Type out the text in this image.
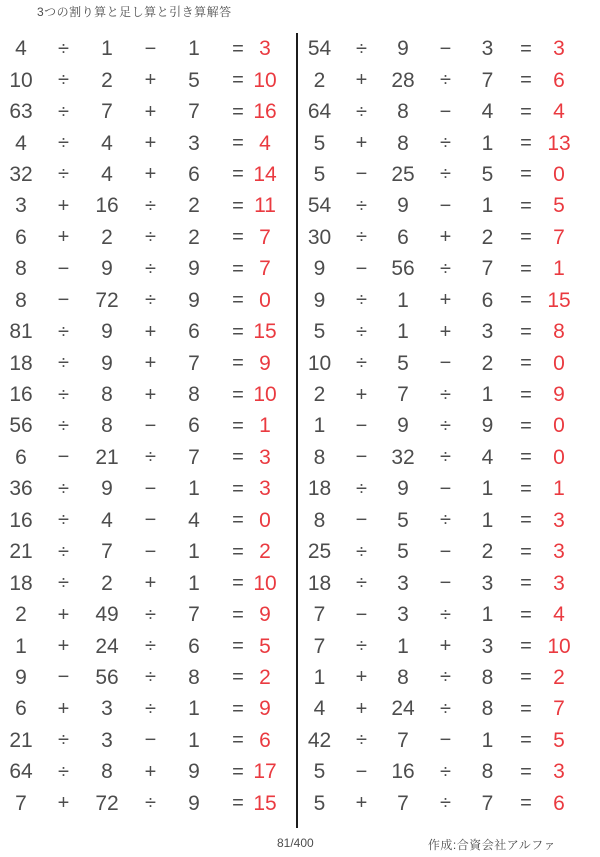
3つの割り算と足し算と引き算解答
4	÷	1	−	1	= 3
10	÷	2	+	5	= 10
63	÷	7	+	7	= 16
4	÷	4	+	3	= 4
32	÷	4	+	6	= 14
3	+	16	÷	2	= 11
6	+	2	÷	2	= 7
8	−	9	÷	9	= 7
8	−	72	÷	9	= 0
81	÷	9	+	6	= 15
18	÷	9	+	7	= 9
16	÷	8	+	8	= 10
56	÷	8	−	6	= 1
6	−	21	÷	7	= 3
36	÷	9	−	1	= 3
16	÷	4	−	4	= 0
21	÷	7	−	1	= 2
18	÷	2	+	1	= 10
2	+	49	÷	7	= 9
1	+	24	÷	6	= 5
9	−	56	÷	8	= 2
6	+	3	÷	1	= 9
21	÷	3	−	1	= 6
64	÷	8	+	9	= 17
7	+	72	÷	9	= 15
54	÷	9	−	3	=	3
2	+	28	÷	7	=	6
64	÷	8	−	4	=	4
5	+	8	÷	1	= 13
5	−	25	÷	5	=	0
54	÷	9	−	1	=	5
30	÷	6	+	2	=	7
9	−	56	÷	7	=	1
9	÷	1	+	6	= 15
5	÷	1	+	3	=	8
10	÷	5	−	2	=	0
2	+	7	÷	1	=	9
1	−	9	÷	9	=	0
8	−	32	÷	4	=	0
18	÷	9	−	1	=	1
8	−	5	÷	1	=	3
25	÷	5	−	2	=	3
18	÷	3	−	3	=	3
7	−	3	÷	1	=	4
7	÷	1	+	3	= 10
1	+	8	÷	8	=	2
4	+	24	÷	8	=	7
42	÷	7	−	1	=	5
5	−	16	÷	8	=	3
5	+	7	÷	7	=	6
81/400	作成:合資会社アルファ
